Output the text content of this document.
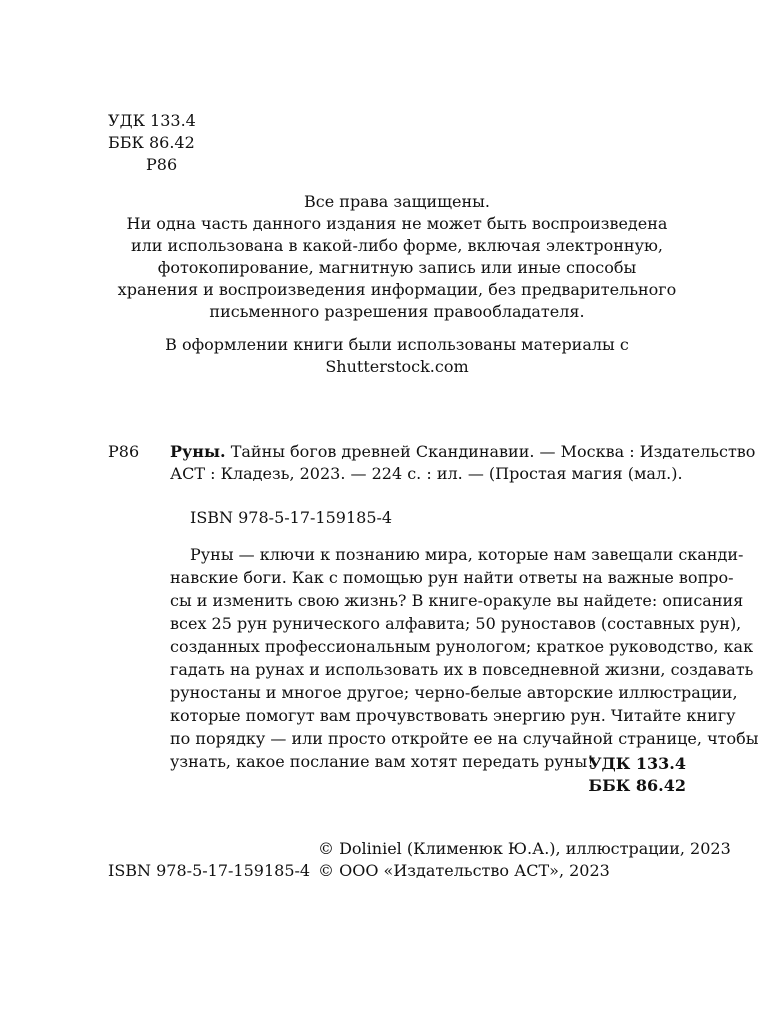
УДК 133.4
ББК 86.42
Р86
Все права защищены.
Ни одна часть данного издания не может быть воспроизведена
или использована в какой-либо форме, включая электронную,
фотокопирование, магнитную запись или иные способы
хранения и воспроизведения информации, без предварительного
письменного разрешения правообладателя.
В оформлении книги были использованы материалы с
Shutterstock.com
Р86 Руны. Тайны богов древней Скандинавии. — Москва : Издательство
АСТ : Кладезь, 2023. — 224 с. : ил. — (Простая магия (мал.).
ISBN 978-5-17-159185-4
Руны — ключи к познанию мира, которые нам завещали сканди-
навские боги. Как с помощью рун найти ответы на важные вопро-
сы и изменить свою жизнь? В книге-оракуле вы найдете: описания
всех 25 рун рунического алфавита; 50 руноставов (составных рун),
созданных профессиональным рунологом; краткое руководство, как
гадать на рунах и использовать их в повседневной жизни, создавать
руностаны и многое другое; черно-белые авторские иллюстрации,
которые помогут вам прочувствовать энергию рун. Читайте книгу
по порядку — или просто откройте ее на случайной странице, чтобы
узнать, какое послание вам хотят передать руны!
УДК 133.4
ББК 86.42
ISBN 978-5-17-159185-4
© Doliniel (Клименюк Ю.А.), иллюстрации, 2023
© ООО «Издательство АСТ», 2023
